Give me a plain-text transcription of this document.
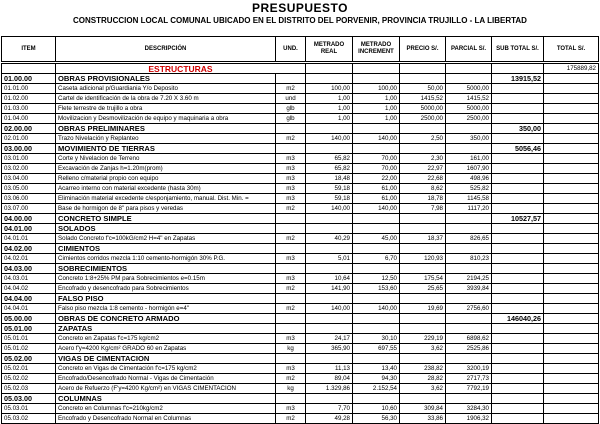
PRESUPUESTO
CONSTRUCCION LOCAL COMUNAL UBICADO EN EL DISTRITO DEL PORVENIR, PROVINCIA TRUJILLO - LA LIBERTAD
ITEM	DESCRIPCIÓN	UND.	METRADO REAL	METRADO INCREMENT	PRECIO S/.	PARCIAL S/.	SUB TOTAL S/.	TOTAL S/.
	ESTRUCTURAS							175889,82
01.00.00	OBRAS PROVISIONALES						13915,52	
01.01.00	Caseta adicional p/Guardiania Y/o Deposito	m2	100,00	100,00	50,00	5000,00		
01.02.00	Cartel de identificación de la obra de 7.20 X 3.60 m	und	1,00	1,00	1415,52	1415,52		
01.03.00	Flete terrestre de trujillo a obra	glb	1,00	1,00	5000,00	5000,00		
01.04.00	Movilizacion y Desmovilización de equipo y maquinaria a obra	glb	1,00	1,00	2500,00	2500,00		
02.00.00	OBRAS PRELIMINARES						350,00	
02.01.00	Trazo Nivelación y Replanteo	m2	140,00	140,00	2,50	350,00		
03.00.00	MOVIMIENTO DE TIERRAS						5056,46	
03.01.00	Corte y Nivelacion de Terreno	m3	65,82	70,00	2,30	161,00		
03.02.00	Excavación de Zanjas h=1.20m(prom)	m3	65,82	70,00	22,97	1607,90		
03.04.00	Relleno c/material propio con equipo	m3	18,48	22,00	22,68	498,96		
03.05.00	Acarreo interno con material excedente (hasta 30m)	m3	59,18	61,00	8,62	525,82		
03.06.00	Eliminación material excedente c/esponjamiento, manual. Dist. Min. =	m3	59,18	61,00	18,78	1145,58		
03.07.00	Base de hormigon de 8" para pisos y veredas	m2	140,00	140,00	7,98	1117,20		
04.00.00	CONCRETO SIMPLE						10527,57	
04.01.00	SOLADOS							
04.01.01	Solado Concreto f'c=100kG/cm2 H=4" en Zapatas	m2	40,29	45,00	18,37	826,65		
04.02.00	CIMIENTOS							
04.02.01	Cimientos corridos mezcla 1:10 cemento-hormigón 30% P.G.	m3	5,01	6,70	120,93	810,23		
04.03.00	SOBRECIMIENTOS							
04.03.01	Concreto 1:8+25% PM para Sobrecimientos e=0.15m	m3	10,64	12,50	175,54	2194,25		
04.04.02	Encofrado y desencofrado para Sobrecimientos	m2	141,90	153,60	25,65	3939,84		
04.04.00	FALSO PISO							
04.04.01	Falso piso mezcla 1:8 cemento - hormigón e=4"	m2	140,00	140,00	19,69	2756,60		
05.00.00	OBRAS DE CONCRETO ARMADO						146040,26	
05.01.00	ZAPATAS							
05.01.01	Concreto en Zapatas f'c=175 kg/cm2	m3	24,17	30,10	229,19	6898,62		
05.01.02	Acero f'y=4200 Kg/cm² GRADO 60 en Zapatas	kg	365,90	697,55	3,62	2525,86		
05.02.00	VIGAS DE CIMENTACION							
05.02.01	Concreto en Vigas de Cimentación f'c=175 kg/cm2	m3	11,13	13,40	238,82	3200,19		
05.02.02	Encofrado/Desencofrado Normal - Vigas de Cimentación	m2	89,04	94,30	28,82	2717,73		
05.02.03	Acero de Refuerzo (F'y=4200 Kg/cm²) en VIGAS CIMENTACION	kg	1.329,86	2.152,54	3,62	7792,19		
05.03.00	COLUMNAS							
05.03.01	Concreto en Columnas f'c=210kg/cm2	m3	7,70	10,60	309,84	3284,30		
05.03.02	Encofrado y Desencofrado Normal en Columnas	m2	49,28	56,30	33,86	1906,32		
